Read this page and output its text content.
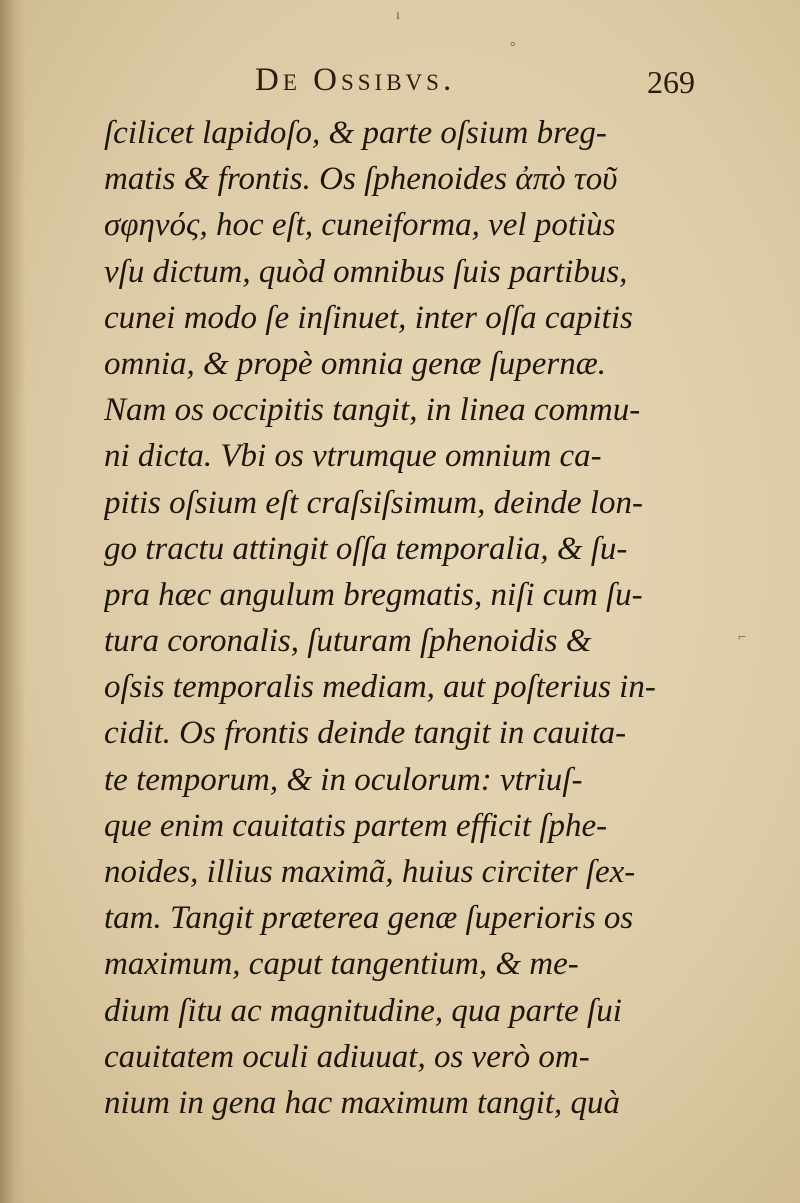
De Ossibvs.	269
ſcilicet lapidoſo, & parte oſsium breg-
matis & frontis. Os ſphenoides ἀπὸ τοῦ
σφηνός, hoc eſt, cuneiforma, vel potiùs
vſu dictum, quòd omnibus ſuis partibus,
cunei modo ſe inſinuet, inter oſſa capitis
omnia, & propè omnia genæ ſupernæ.
Nam os occipitis tangit, in linea commu-
ni dicta. Vbi os vtrumque omnium ca-
pitis oſsium eſt craſsiſsimum, deinde lon-
go tractu attingit oſſa temporalia, & ſu-
pra hæc angulum bregmatis, niſi cum ſu-
tura coronalis, ſuturam ſphenoidis &
oſsis temporalis mediam, aut poſterius in-
cidit. Os frontis deinde tangit in cauita-
te temporum, & in oculorum: vtriuſ-
que enim cauitatis partem efficit ſphe-
noides, illius maximã, huius circiter ſex-
tam. Tangit præterea genæ ſuperioris os
maximum, caput tangentium, & me-
dium ſitu ac magnitudine, qua parte ſui
cauitatem oculi adiuuat, os verò om-
nium in gena hac maximum tangit, quà
ı
°
⌐
